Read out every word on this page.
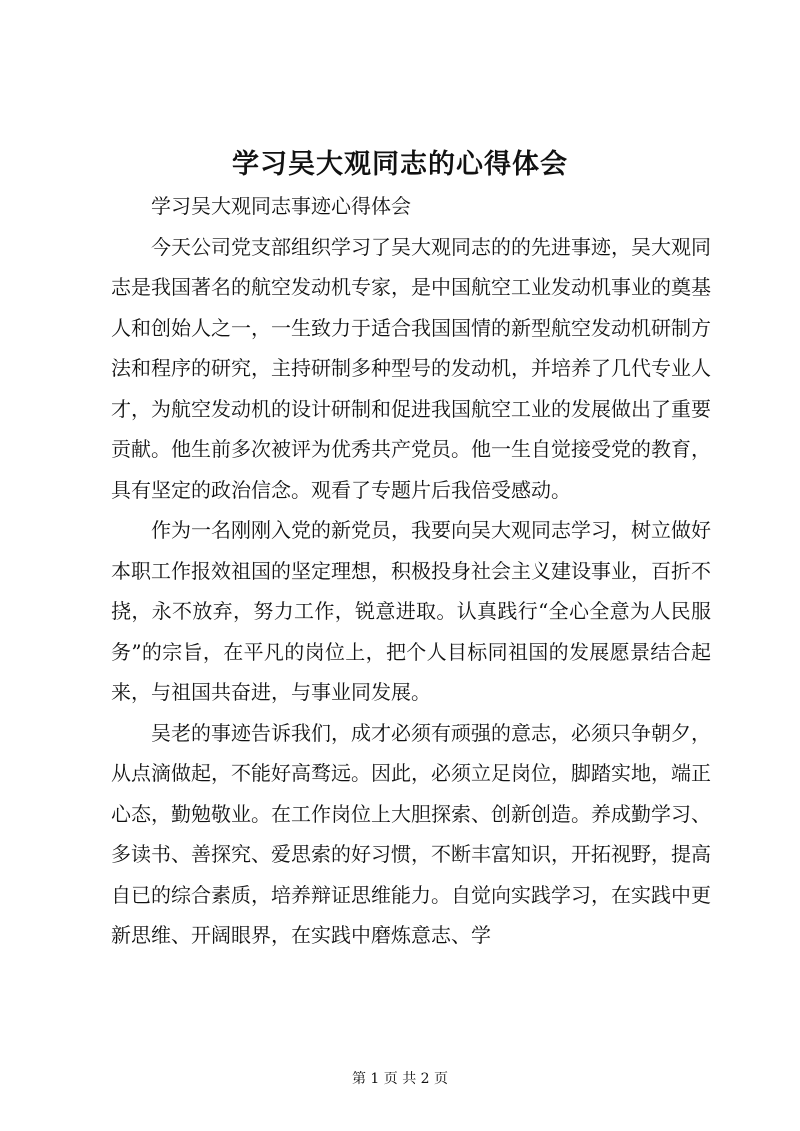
学习吴大观同志的心得体会

学习吴大观同志事迹心得体会

今天公司党支部组织学习了吴大观同志的的先进事迹，吴大观同志是我国著名的航空发动机专家，是中国航空工业发动机事业的奠基人和创始人之一，一生致力于适合我国国情的新型航空发动机研制方法和程序的研究，主持研制多种型号的发动机，并培养了几代专业人才，为航空发动机的设计研制和促进我国航空工业的发展做出了重要贡献。他生前多次被评为优秀共产党员。他一生自觉接受党的教育，具有坚定的政治信念。观看了专题片后我倍受感动。

作为一名刚刚入党的新党员，我要向吴大观同志学习，树立做好本职工作报效祖国的坚定理想，积极投身社会主义建设事业，百折不挠，永不放弃，努力工作，锐意进取。认真践行“全心全意为人民服务”的宗旨，在平凡的岗位上，把个人目标同祖国的发展愿景结合起来，与祖国共奋进，与事业同发展。

吴老的事迹告诉我们，成才必须有顽强的意志，必须只争朝夕，从点滴做起，不能好高骛远。因此，必须立足岗位，脚踏实地，端正心态，勤勉敬业。在工作岗位上大胆探索、创新创造。养成勤学习、多读书、善探究、爱思索的好习惯，不断丰富知识，开拓视野，提高自已的综合素质，培养辩证思维能力。自觉向实践学习，在实践中更新思维、开阔眼界，在实践中磨炼意志、学

第 1 页 共 2 页
